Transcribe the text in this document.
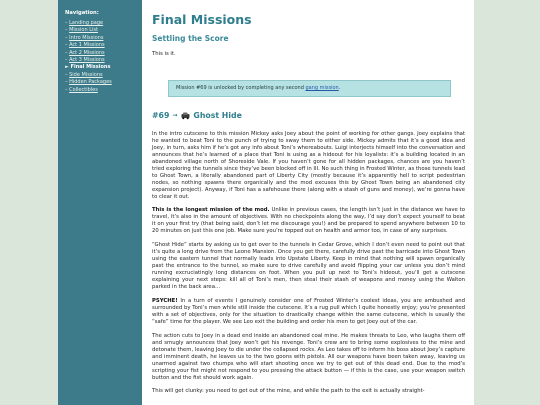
Navigation:
– Landing page
– Mission List
– Intro Missions
– Act 1 Missions
– Act 2 Missions
– Act 3 Missions
► Final Missions
– Side Missions
– Hidden Packages
– Collectibles
Final Missions
Settling the Score

This is it.

Mission #69 is unlocked by completing any second gang mission.
#69 → Ghost Hide

In the intro cutscene to this mission Mickey asks Joey about the point of working for other gangs. Joey explains that he wanted to beat Toni to the punch of trying to sway them to either side. Mickey admits that it’s a good idea and Joey, in turn, asks him if he’s got any info about Toni’s whereabouts. Luigi interjects himself into the conversation and announces that he’s learned of a place that Toni is using as a hideout for his loyalists: it’s a building located in an abandoned village north of Shoreside Vale. If you haven’t gone for all hidden packages, chances are you haven’t tried exploring the tunnels since they’ve been blocked off in III. No such thing in Frosted Winter, as those tunnels lead to Ghost Town, a literally abandoned part of Liberty City (mostly because it’s apparently hell to script pedestrian nodes, so nothing spawns there organically and the mod excuses this by Ghost Town being an abandoned city expansion project). Anyway, if Toni has a safehouse there (along with a stash of guns and money), we’re gonna have to clear it out.

This is the longest mission of the mod. Unlike in previous cases, the length isn’t just in the distance we have to travel, it’s also in the amount of objectives. With no checkpoints along the way, I’d say don’t expect yourself to beat it on your first try (that being said, don’t let me discourage you!) and be prepared to spend anywhere between 10 to 20 minutes on just this one job. Make sure you’re topped out on health and armor too, in case of any surprises.

“Ghost Hide” starts by asking us to get over to the tunnels in Cedar Grove, which I don’t even need to point out that it’s quite a long drive from the Leone Mansion. Once you get there, carefully drive past the barricade into Ghost Town using the eastern tunnel that normally leads into Upstate Liberty. Keep in mind that nothing will spawn organically past the entrance to the tunnel, so make sure to drive carefully and avoid flipping your car unless you don’t mind running excruciatingly long distances on foot. When you pull up next to Toni’s hideout, you’ll get a cutscene explaining your next steps: kill all of Toni’s men, then steal their stash of weapons and money using the Walton parked in the back area…

PSYCHE! In a turn of events I genuinely consider one of Frosted Winter’s coolest ideas, you are ambushed and surrounded by Toni’s men while still inside the cutscene. It’s a rug pull which I quite honestly enjoy; you’re presented with a set of objectives, only for the situation to drastically change within the same cutscene, which is usually the “safe” time for the player. We see Leo exit the building and order his men to get Joey out of the car.

The action cuts to Joey in a dead end inside an abandoned coal mine. He makes threats to Leo, who laughs them off and smugly announces that Joey won’t get his revenge. Toni’s crew are to bring some explosives to the mine and detonate them, leaving Joey to die under the collapsed rocks. As Leo takes off to inform his boss about Joey’s capture and imminent death, he leaves us to the two goons with pistols. All our weapons have been taken away, leaving us unarmed against two chumps who will start shooting once we try to get out of this dead end. Due to the mod’s scripting your fist might not respond to you pressing the attack button — if this is the case, use your weapon switch button and the fist should work again.

This will get clunky: you need to get out of the mine, and while the path to the exit is actually straight-
